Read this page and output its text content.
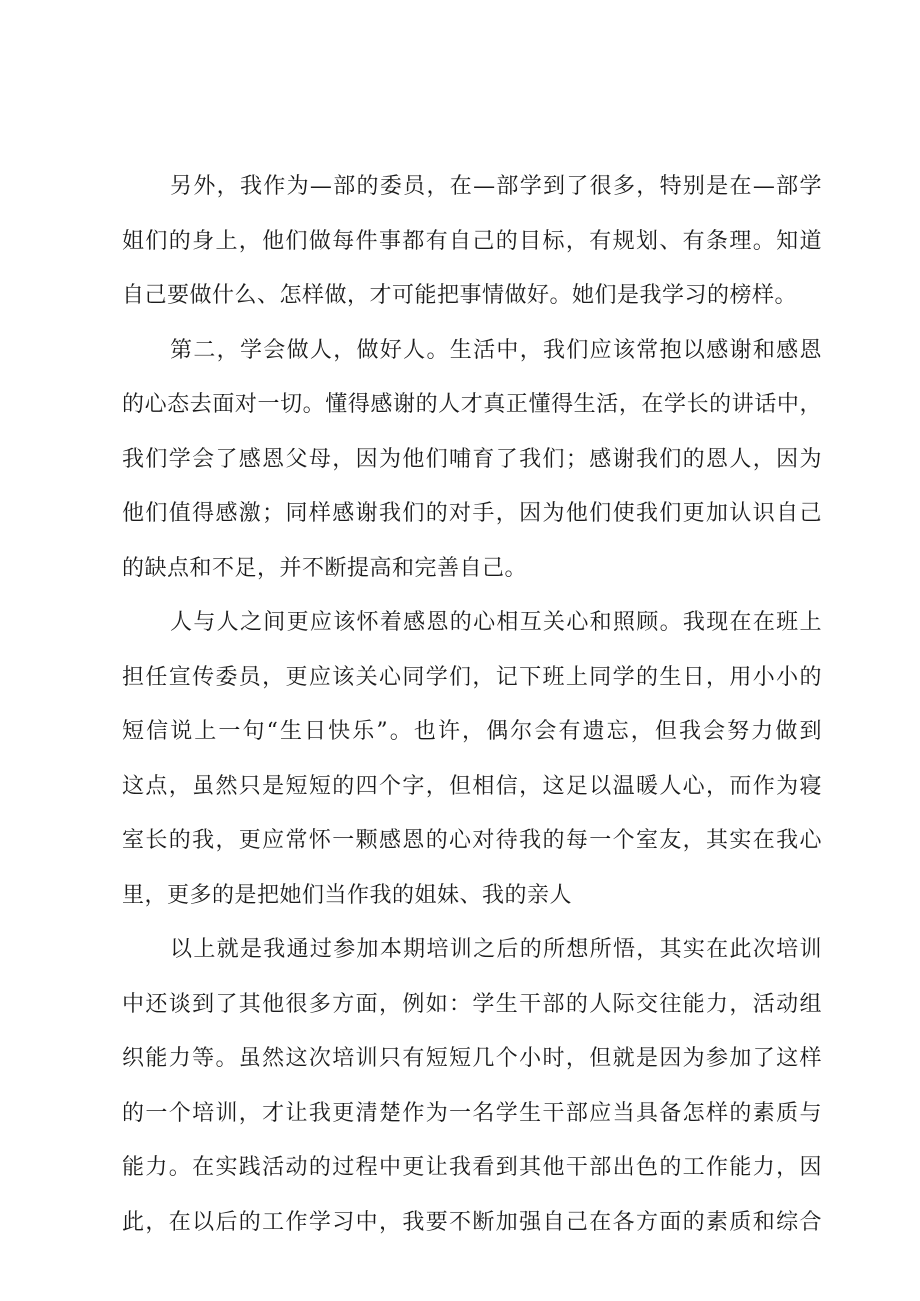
另外，我作为—部的委员，在—部学到了很多，特别是在—部学
姐们的身上，他们做每件事都有自己的目标，有规划、有条理。知道
自己要做什么、怎样做，才可能把事情做好。她们是我学习的榜样。
第二，学会做人，做好人。生活中，我们应该常抱以感谢和感恩
的心态去面对一切。懂得感谢的人才真正懂得生活，在学长的讲话中，
我们学会了感恩父母，因为他们哺育了我们；感谢我们的恩人，因为
他们值得感激；同样感谢我们的对手，因为他们使我们更加认识自己
的缺点和不足，并不断提高和完善自己。
人与人之间更应该怀着感恩的心相互关心和照顾。我现在在班上
担任宣传委员，更应该关心同学们，记下班上同学的生日，用小小的
短信说上一句“生日快乐”。也许，偶尔会有遗忘，但我会努力做到
这点，虽然只是短短的四个字，但相信，这足以温暖人心，而作为寝
室长的我，更应常怀一颗感恩的心对待我的每一个室友，其实在我心
里，更多的是把她们当作我的姐妹、我的亲人
以上就是我通过参加本期培训之后的所想所悟，其实在此次培训
中还谈到了其他很多方面，例如：学生干部的人际交往能力，活动组
织能力等。虽然这次培训只有短短几个小时，但就是因为参加了这样
的一个培训，才让我更清楚作为一名学生干部应当具备怎样的素质与
能力。在实践活动的过程中更让我看到其他干部出色的工作能力，因
此，在以后的工作学习中，我要不断加强自己在各方面的素质和综合
